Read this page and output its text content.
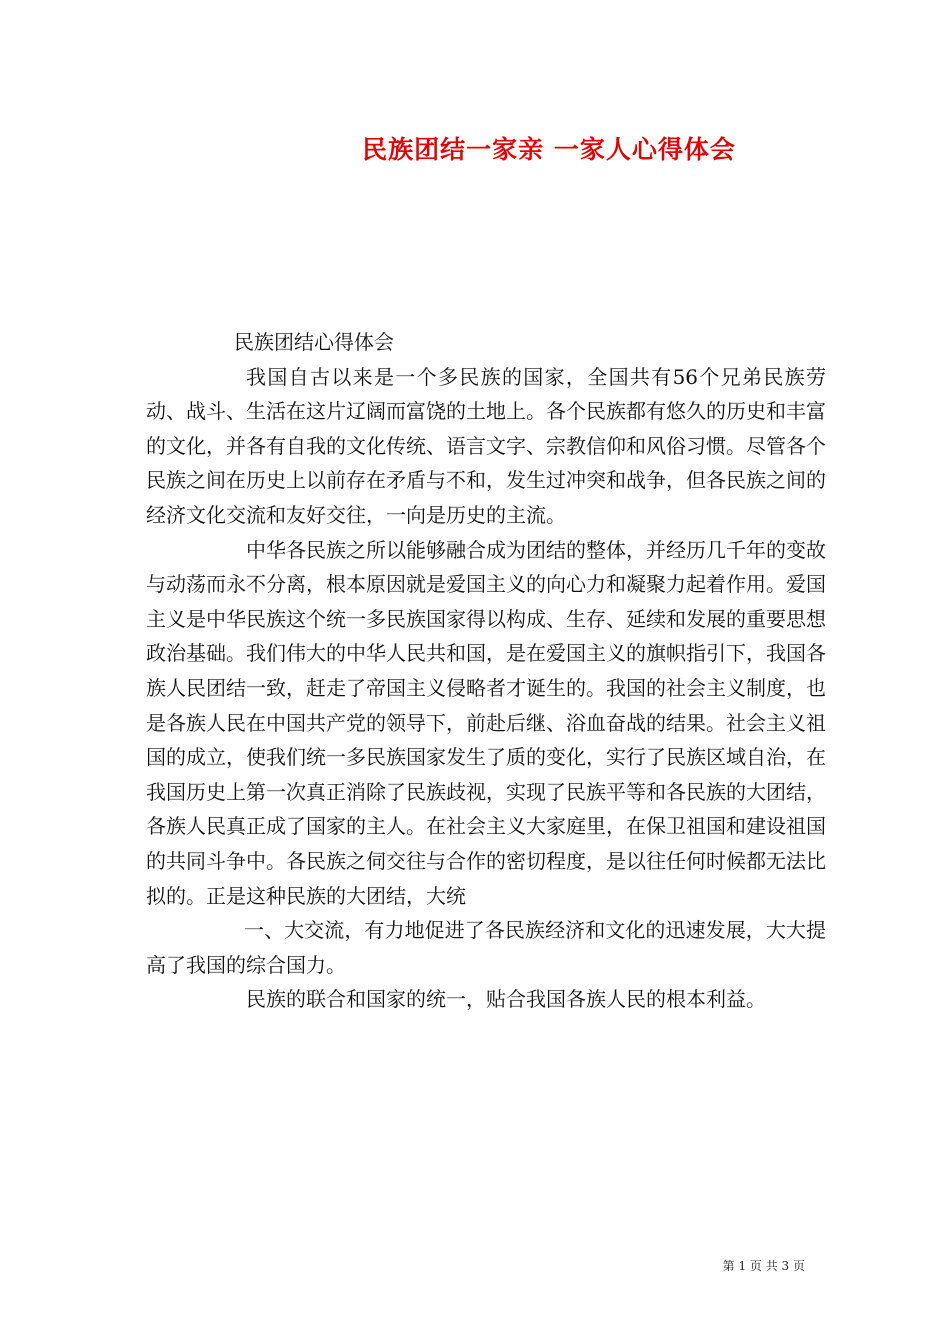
民族团结一家亲 一家人心得体会

民族团结心得体会

我国自古以来是一个多民族的国家，全国共有56个兄弟民族劳动、战斗、生活在这片辽阔而富饶的土地上。各个民族都有悠久的历史和丰富的文化，并各有自我的文化传统、语言文字、宗教信仰和风俗习惯。尽管各个民族之间在历史上以前存在矛盾与不和，发生过冲突和战争，但各民族之间的经济文化交流和友好交往，一向是历史的主流。

中华各民族之所以能够融合成为团结的整体，并经历几千年的变故与动荡而永不分离，根本原因就是爱国主义的向心力和凝聚力起着作用。爱国主义是中华民族这个统一多民族国家得以构成、生存、延续和发展的重要思想政治基础。我们伟大的中华人民共和国，是在爱国主义的旗帜指引下，我国各族人民团结一致，赶走了帝国主义侵略者才诞生的。我国的社会主义制度，也是各族人民在中国共产党的领导下，前赴后继、浴血奋战的结果。社会主义祖国的成立，使我们统一多民族国家发生了质的变化，实行了民族区域自治，在我国历史上第一次真正消除了民族歧视，实现了民族平等和各民族的大团结，各族人民真正成了国家的主人。在社会主义大家庭里，在保卫祖国和建设祖国的共同斗争中。各民族之伺交往与合作的密切程度，是以往任何时候都无法比拟的。正是这种民族的大团结，大统

一、大交流，有力地促进了各民族经济和文化的迅速发展，大大提高了我国的综合国力。

民族的联合和国家的统一，贴合我国各族人民的根本利益。

第 1 页 共 3 页
